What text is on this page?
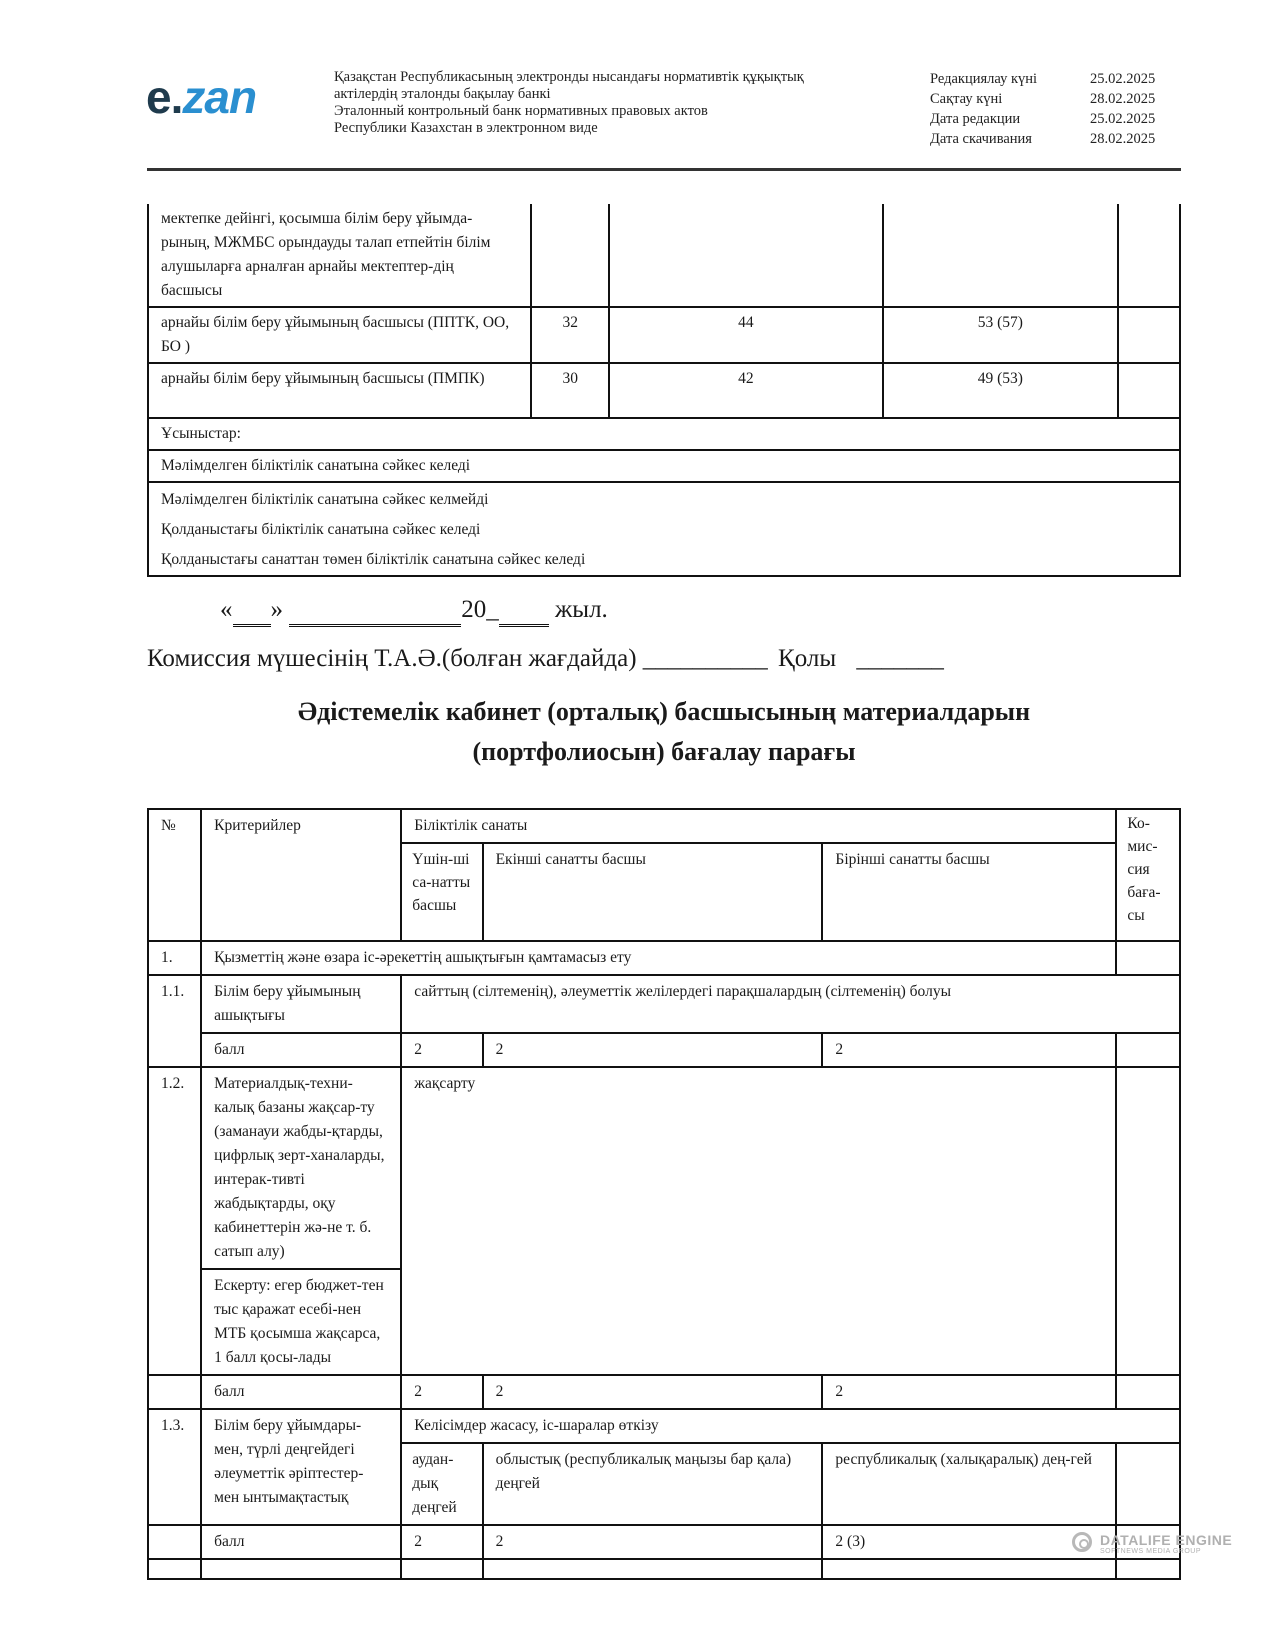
e.zan	Қазақстан Республикасының электронды нысандағы нормативтік құқықтық
актілердің эталонды бақылау банкі
Эталонный контрольный банк нормативных правовых актов
Республики Казахстан в электронном виде
Редакциялау күні	25.02.2025
Сақтау күні	28.02.2025
Дата редакции	25.02.2025
Дата скачивания	28.02.2025
мектепке дейінгі, қосымша білім беру ұйымда-рының, МЖМБС орындауды талап етпейтін білім алушыларға арналған арнайы мектептер-дің басшысы				
арнайы білім беру ұйымының басшысы (ППТК, ОО, БО )	32	44	53 (57)	
арнайы білім беру ұйымының басшысы (ПМПК)	30	42	49 (53)	
Ұсыныстар:				
Мәлімделген біліктілік санатына сәйкес келеді				
Мәлімделген біліктілік санатына сәйкес келмейді				
Қолданыстағы біліктілік санатына сәйкес келеді				
Қолданыстағы санаттан төмен біліктілік санатына сәйкес келеді				
« »	20_ жыл.
Комиссия мүшесінің Т.А.Ә.(болған жағдайда) __________ Қолы _______
Әдістемелік кабинет (орталық) басшысының материалдарын
(портфолиосын) бағалау парағы
№	Критерийлер	Біліктілік санаты			Ко-мис-сия баға-сы
		Үшін-ші са-натты басшы	Екінші санатты басшы	Бірінші санатты басшы	
1.	Қызметтің және өзара іс-әрекеттің ашықтығын қамтамасыз ету				
1.1.	Білім беру ұйымының ашықтығы	сайттың (сілтеменің), әлеуметтік желілердегі парақшалардың (сілтеменің) болуы			
	балл	2	2	2	
1.2.	Материалдық-техни-калық базаны жақсар-ту (заманауи жабды-қтарды, цифрлық зерт-ханаларды, интерак-тивті жабдықтарды, оқу кабинеттерін жә-не т. б. сатып алу)	жақсарту			
	Ескерту: егер бюджет-тен тыс қаражат есебі-нен МТБ қосымша жақсарса, 1 балл қосы-лады				
	балл	2	2	2	
1.3.	Білім беру ұйымдары-мен, түрлі деңгейдегі әлеуметтік әріптестер-мен ынтымақтастық	Келісімдер жасасу, іс-шаралар өткізу			
		аудан-дық деңгей	облыстық (республикалық маңызы бар қала) деңгей	республикалық (халықаралық) дең-гей	
	балл	2	2	2 (3)	
						DATALIFE ENGINE
SOFTNEWS MEDIA GROUP
